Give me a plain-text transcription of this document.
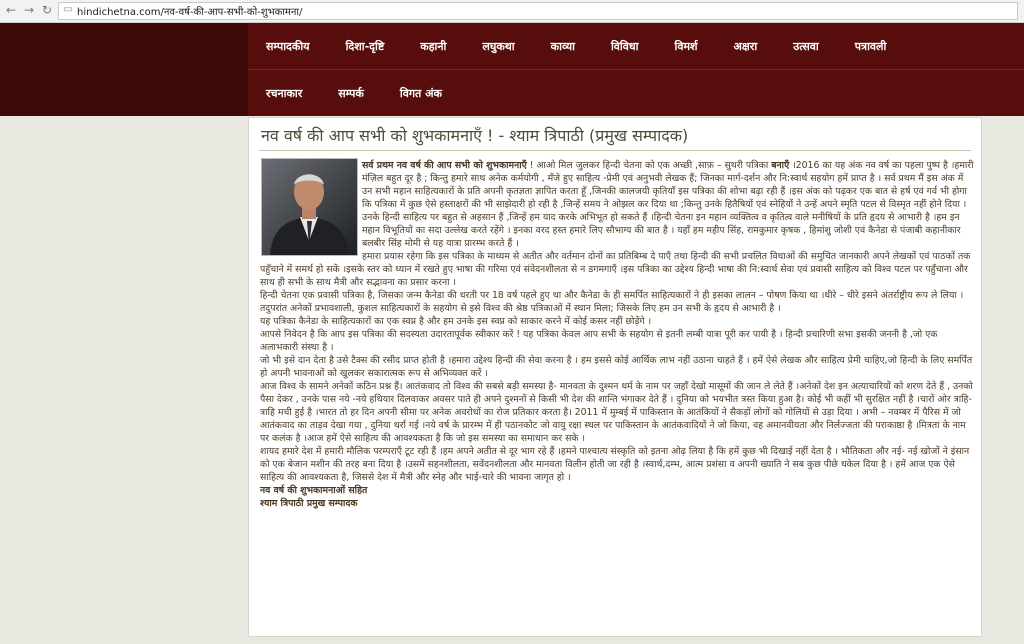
← → ↻ ▭ hindichetna.com/नव-वर्ष-की-आप-सभी-को-शुभकामना/
सम्पादकीय	दिशा-दृष्टि	कहानी	लघुकथा	काव्या	विविधा	विमर्श	अक्षरा	उत्सवा	पत्रावली
रचनाकार	सम्पर्क	विगत अंक
नव वर्ष की आप सभी को शुभकामनाएँ ! - श्याम त्रिपाठी (प्रमुख सम्पादक)

सर्व प्रथम नव वर्ष की आप सभी को शुभकामनाएँ ! आओ मिल जुलकर हिन्दी चेतना को एक अच्छी ,साफ़ – सुथरी पत्रिका बनाएँ ।2016 का यह अंक नव वर्ष का पहला पुष्प है ।हमारी मंज़िल बहुत दूर है ; किन्तु हमारे साथ अनेक कर्मयोगी , मँजे हुए साहित्य -प्रेमी एवं अनुभवी लेखक हैं; जिनका मार्ग-दर्शन और नि:स्वार्थ सहयोग हमें प्राप्त है । सर्व प्रथम मैं इस अंक में उन सभी महान साहित्यकारों के प्रति अपनी कृतज्ञता ज्ञापित करता हूँ ,जिनकी कालजयी कृतियाँ इस पत्रिका की शोभा बढ़ा रही हैं ।इस अंक को पढ़कर एक बात से हर्ष एवं गर्व भी होगा कि पत्रिका में कुछ ऐसे हस्ताक्षरों की भी साझेदारी हो रही है ,जिन्हें समय ने ओझल कर दिया था ;किन्तु उनके हितैषियों एवं स्नेहियों ने उन्हें अपने स्मृति पटल से विस्मृत नहीं होने दिया ।उनके हिन्दी साहित्य पर बहुत से अहसान हैं ,जिन्हें हम याद करके अभिभूत हो सकते हैं ।हिन्दी चेतना इन महान व्यक्तित्व व कृतित्व वाले मनीषियों के प्रति हृदय से आभारी है ।हम इन महान विभूतियों का सदा उल्लेख करते रहेंगे । इनका वरद हस्त हमारे लिए सौभाग्य की बात है । यहाँ हम महीप सिंह, रामकुमार कृषक , हिमांशु जोशी एवं कैनेडा से पंजाबी कहानीकार बलबीर सिंह मोमी से यह यात्रा प्रारम्भ करते हैं ।

हमारा प्रयास रहेगा कि इस पत्रिका के माध्यम से अतीत और वर्तमान दोनों का प्रतिबिम्ब दे पाएँ तथा हिन्दी की सभी प्रचलित विधाओं की समुचित जानकारी अपने लेखकों एवं पाठकों तक पहुँचाने में समर्थ हो सकें ।इसके स्तर को ध्यान में रखते हुए भाषा की गरिमा एवं संवेदनशीलता से न डगमगाएँ ।इस पत्रिका का उद्देश्य हिन्दी भाषा की नि:स्वार्थ सेवा एवं प्रवासी साहित्य को विश्व पटल पर पहुँचाना और साथ ही सभी के साथ मैत्री और सद्भावना का प्रसार करना ।

हिन्दी चेतना एक प्रवासी पत्रिका है, जिसका जन्म कैनेडा की धरती पर 18 वर्ष पहले हुए था और कैनेडा के ही समर्पित साहित्यकारों ने ही इसका लालन – पोषण किया था ।धीरे – धीरे इसने अंतर्राष्ट्रीय रूप ले लिया ।तदुपरांत अनेकों प्रभावशाली, कुशल साहित्यकारों के सहयोग से इसे विश्व की श्रेष्ठ पत्रिकाओं में स्थान मिला; जिसके लिए हम उन सभी के हृदय से आभारी है ।

यह पत्रिका कैनेडा के साहित्यकारों का एक स्वप्न है और हम उनके इस स्वप्न को साकार करने में कोई कसर नहीं छोड़ेंगे ।

आपसे निवेदन है कि आप इस पत्रिका की सदस्यता उदारतापूर्वक स्वीकार करें ! यह पत्रिका केवल आप सभी के सहयोग से इतनी लम्बी यात्रा पूरी कर पायी है । हिन्दी प्रचारिणी सभा इसकी जननी है ,जो एक अलाभकारी संस्था है ।

जो भी इसे दान देता है उसे टैक्स की रसीद प्राप्त होती है ।हमारा उद्देश्य हिन्दी की सेवा करना है । हम इससे कोई आर्थिक लाभ नहीं उठाना चाहते हैं । हमें ऐसे लेखक और साहित्य प्रेमी चाहिए,जो हिन्दी के लिए समर्पित हो अपनी भावनाओं को खुलकर सकारात्मक रूप से अभिव्यक्त करें ।

आज विश्व के सामने अनेकों कठिन प्रश्न हैं। आतंकवाद तो विश्व की सबसे बड़ी समस्या है- मानवता के दुश्मन धर्म के नाम पर जहाँ देखो मासूमों की जान ले लेते हैं ।अनेकों देश इन अत्याचारियों को शरण देते हैं , उनको पैसा देकर , उनके पास नये -नये हथियार दिलवाकर अवसर पाते ही अपने दुश्मनों से किसी भी देश की शान्ति भंगाकर देते हैं । दुनिया को भयभीत त्रस्त किया हुआ है। कोई भी कहीं भी सुरक्षित नहीं है ।चारों ओर त्राहि- त्राहि मची हुई है ।भारत तो हर दिन अपनी सीमा पर अनेक अवरोधों का रोज प्रतिकार करता है। 2011 में मुम्बई में पाकिस्तान के आतंकियों ने सैकड़ों लोगों को गोलियों से उड़ा दिया । अभी – नवम्बर में पैरिस में जो आतंकवाद का ताड़व देखा गया , दुनिया थर्रा गई ।नये वर्ष के प्रारम्भ में ही पठानकोट जो वायु रक्षा स्थल पर पाकिस्तान के आतंकवादियों ने जो किया, वह अमानवीयता और निर्लज्जता की पराकाष्ठा है ।मित्रता के नाम पर कलंक है ।आज हमें ऐसे साहित्य की आवश्यकता है कि जो इस समस्या का समाधान कर सके ।

शायद हमारे देश में हमारी मौलिक परम्पराएँ टूट रही हैं ।हम अपने अतीत से दूर भाग रहे हैं ।हमने पाश्चात्य संस्कृति को इतना ओढ़ लिया है कि हमें कुछ भी दिखाई नहीं देता है । भौतिकता और नई- नई खोजों ने इंसान को एक बेजान मशीन की तरह बना दिया है ।उसमें सहनशीलता, सवेंदनशीलता और मानवता विलीन होती जा रही है ।स्वार्थ,दम्भ, आत्म प्रशंसा व अपनी ख्याति ने सब कुछ पीछे धकेल दिया है । हमें आज एक ऐसे साहित्य की आवश्यकता है, जिससे देश में मैत्री और स्नेह और भाई-चारे की भावना जागृत हो ।

नव वर्ष की शुभकामनाओं सहित

श्याम त्रिपाठी प्रमुख सम्पादक
